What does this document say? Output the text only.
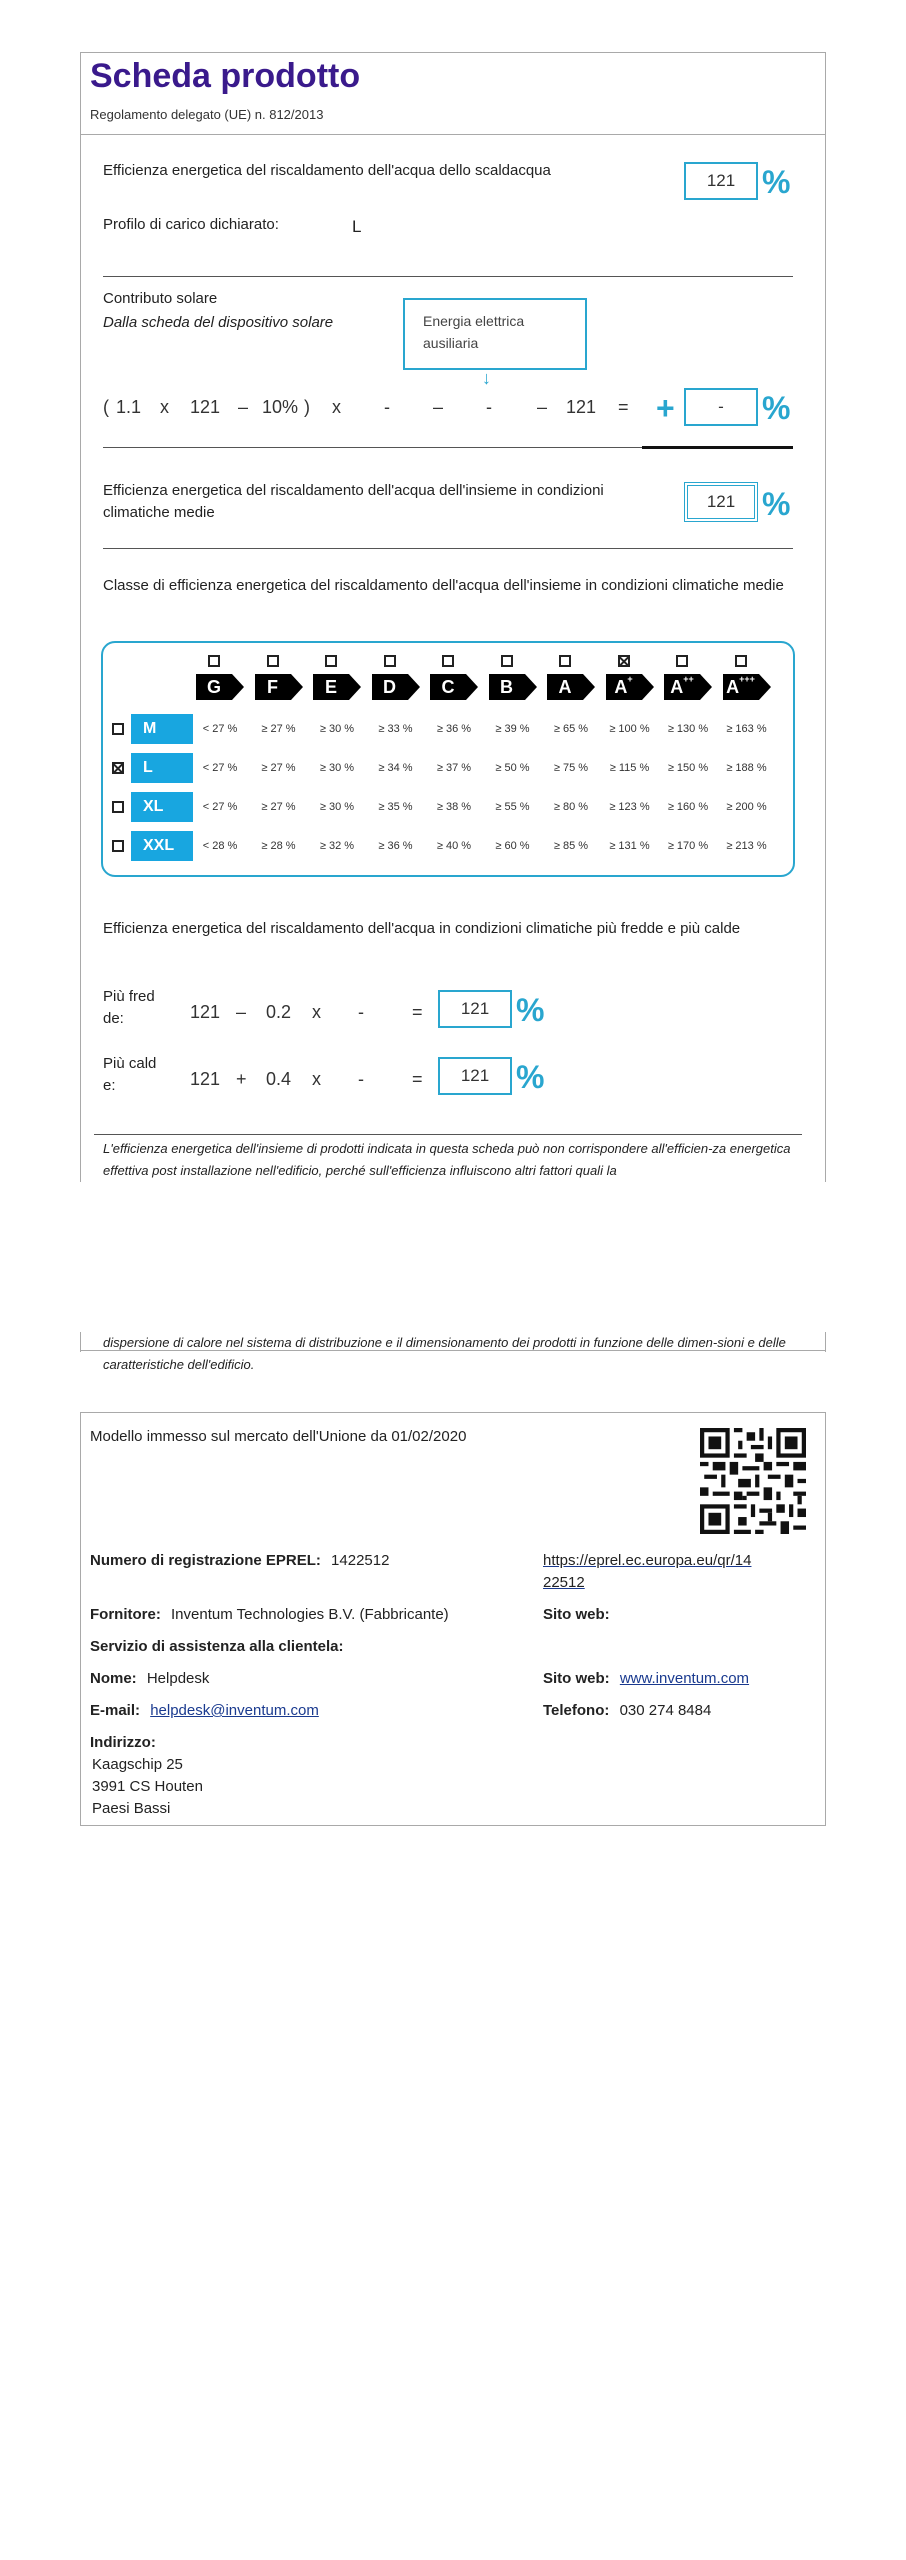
Scheda prodotto
Regolamento delegato (UE) n. 812/2013
Efficienza energetica del riscaldamento dell'acqua dello scaldacqua
121 %
Profilo di carico dichiarato:	L
Contributo solare
Dalla scheda del dispositivo solare	Energia elettrica ausiliaria
↓
( 1.1 x 121 – 10% ) x - – -	– 121 = +	-	%
Efficienza energetica del riscaldamento dell'acqua dell'insieme in condizioni climatiche medie
121 %
Classe di efficienza energetica del riscaldamento dell'acqua dell'insieme in condizioni climatiche medie
G	F	E	D	C	B	A	A+	A++	A+++
M	< 27 %	≥ 27 %	≥ 30 %	≥ 33 %	≥ 36 %	≥ 39 %	≥ 65 %	≥ 100 %	≥ 130 %	≥ 163 %
L	< 27 %	≥ 27 %	≥ 30 %	≥ 34 %	≥ 37 %	≥ 50 %	≥ 75 %	≥ 115 %	≥ 150 %	≥ 188 %
XL	< 27 %	≥ 27 %	≥ 30 %	≥ 35 %	≥ 38 %	≥ 55 %	≥ 80 %	≥ 123 %	≥ 160 %	≥ 200 %
XXL	< 28 %	≥ 28 %	≥ 32 %	≥ 36 %	≥ 40 %	≥ 60 %	≥ 85 %	≥ 131 %	≥ 170 %	≥ 213 %
Efficienza energetica del riscaldamento dell'acqua in condizioni climatiche più fredde e più calde
Più fred de:	121 – 0.2 x -	=	121 %
Più cald e:	121 + 0.4 x -	=	121 %
L'efficienza energetica dell'insieme di prodotti indicata in questa scheda può non corrispondere all'efficien-za energetica effettiva post installazione nell'edificio, perché sull'efficienza influiscono altri fattori quali la
dispersione di calore nel sistema di distribuzione e il dimensionamento dei prodotti in funzione delle dimen-sioni e delle caratteristiche dell'edificio.
Modello immesso sul mercato dell'Unione da 01/02/2020
Numero di registrazione EPREL: 1422512	https://eprel.ec.europa.eu/qr/14
22512
Fornitore: Inventum Technologies B.V. (Fabbricante)	Sito web:
Servizio di assistenza alla clientela:
Nome: Helpdesk	Sito web: www.inventum.com
E-mail: helpdesk@inventum.com	Telefono: 030 274 8484
Indirizzo:
Kaagschip 25
3991 CS Houten
Paesi Bassi
